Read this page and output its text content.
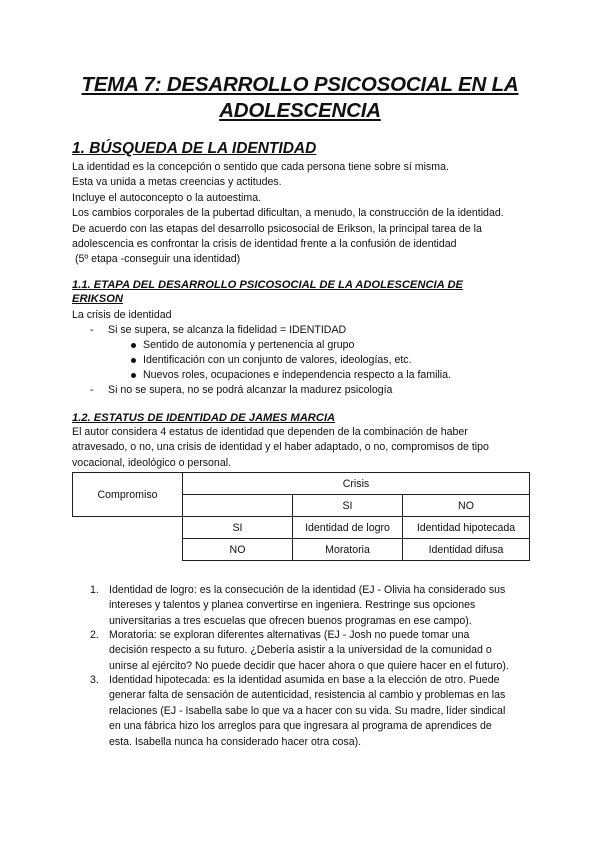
TEMA 7: DESARROLLO PSICOSOCIAL EN LA
ADOLESCENCIA
1. BÚSQUEDA DE LA IDENTIDAD
La identidad es la concepción o sentido que cada persona tiene sobre sí misma.
Esta va unida a metas creencias y actitudes.
Incluye el autoconcepto o la autoestima.
Los cambios corporales de la pubertad dificultan, a menudo, la construcción de la identidad.
De acuerdo con las etapas del desarrollo psicosocial de Erikson, la principal tarea de la
adolescencia es confrontar la crisis de identidad frente a la confusión de identidad
(5º etapa -conseguir una identidad)
1.1. ETAPA DEL DESARROLLO PSICOSOCIAL DE LA ADOLESCENCIA DE
ERIKSON
La crisis de identidad
- Si se supera, se alcanza la fidelidad = IDENTIDAD
Sentido de autonomía y pertenencia al grupo
Identificación con un conjunto de valores, ideologías, etc.
Nuevos roles, ocupaciones e independencia respecto a la familia.
- Si no se supera, no se podrá alcanzar la madurez psicología
1.2. ESTATUS DE IDENTIDAD DE JAMES MARCIA
El autor considera 4 estatus de identidad que dependen de la combinación de haber
atravesado, o no, una crisis de identidad y el haber adaptado, o no, compromisos de tipo
vocacional, ideológico o personal.
Compromiso	Crisis		
		SI	NO
	SI	Identidad de logro	Identidad hipotecada
	NO	Moratoria	Identidad difusa
1. Identidad de logro: es la consecución de la identidad (EJ - Olivia ha considerado sus
intereses y talentos y planea convertirse en ingeniera. Restringe sus opciones
universitarias a tres escuelas que ofrecen buenos programas en ese campo).
2. Moratoria: se exploran diferentes alternativas (EJ - Josh no puede tomar una
decisión respecto a su futuro. ¿Debería asistir a la universidad de la comunidad o
unirse al ejército? No puede decidir que hacer ahora o que quiere hacer en el futuro).
3. Identidad hipotecada: es la identidad asumida en base a la elección de otro. Puede
generar falta de sensación de autenticidad, resistencia al cambio y problemas en las
relaciones (EJ - Isabella sabe lo que va a hacer con su vida. Su madre, líder sindical
en una fábrica hizo los arreglos para que ingresara al programa de aprendices de
esta. Isabella nunca ha considerado hacer otra cosa).
